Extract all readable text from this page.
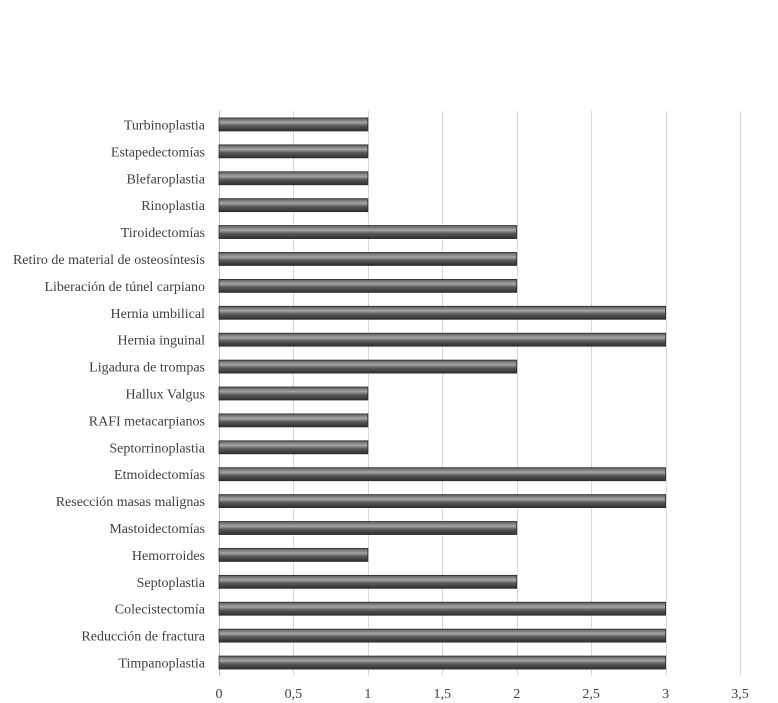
Timpanoplastia
Reducción de fractura
Colecistectomía
Septoplastia
Hemorroides
Mastoidectomías
Resección masas malignas
Etmoidectomías
Septorrinoplastia
RAFI metacarpianos
Hallux Valgus
Ligadura de trompas
Hernia inguinal
Hernia umbilical
Liberación de túnel carpiano
Retiro de material de osteosíntesis
Tiroidectomías
Rinoplastia
Blefaroplastia
Estapedectomías
Turbinoplastia
0	0,5	1	1,5	2	2,5	3	3,5
